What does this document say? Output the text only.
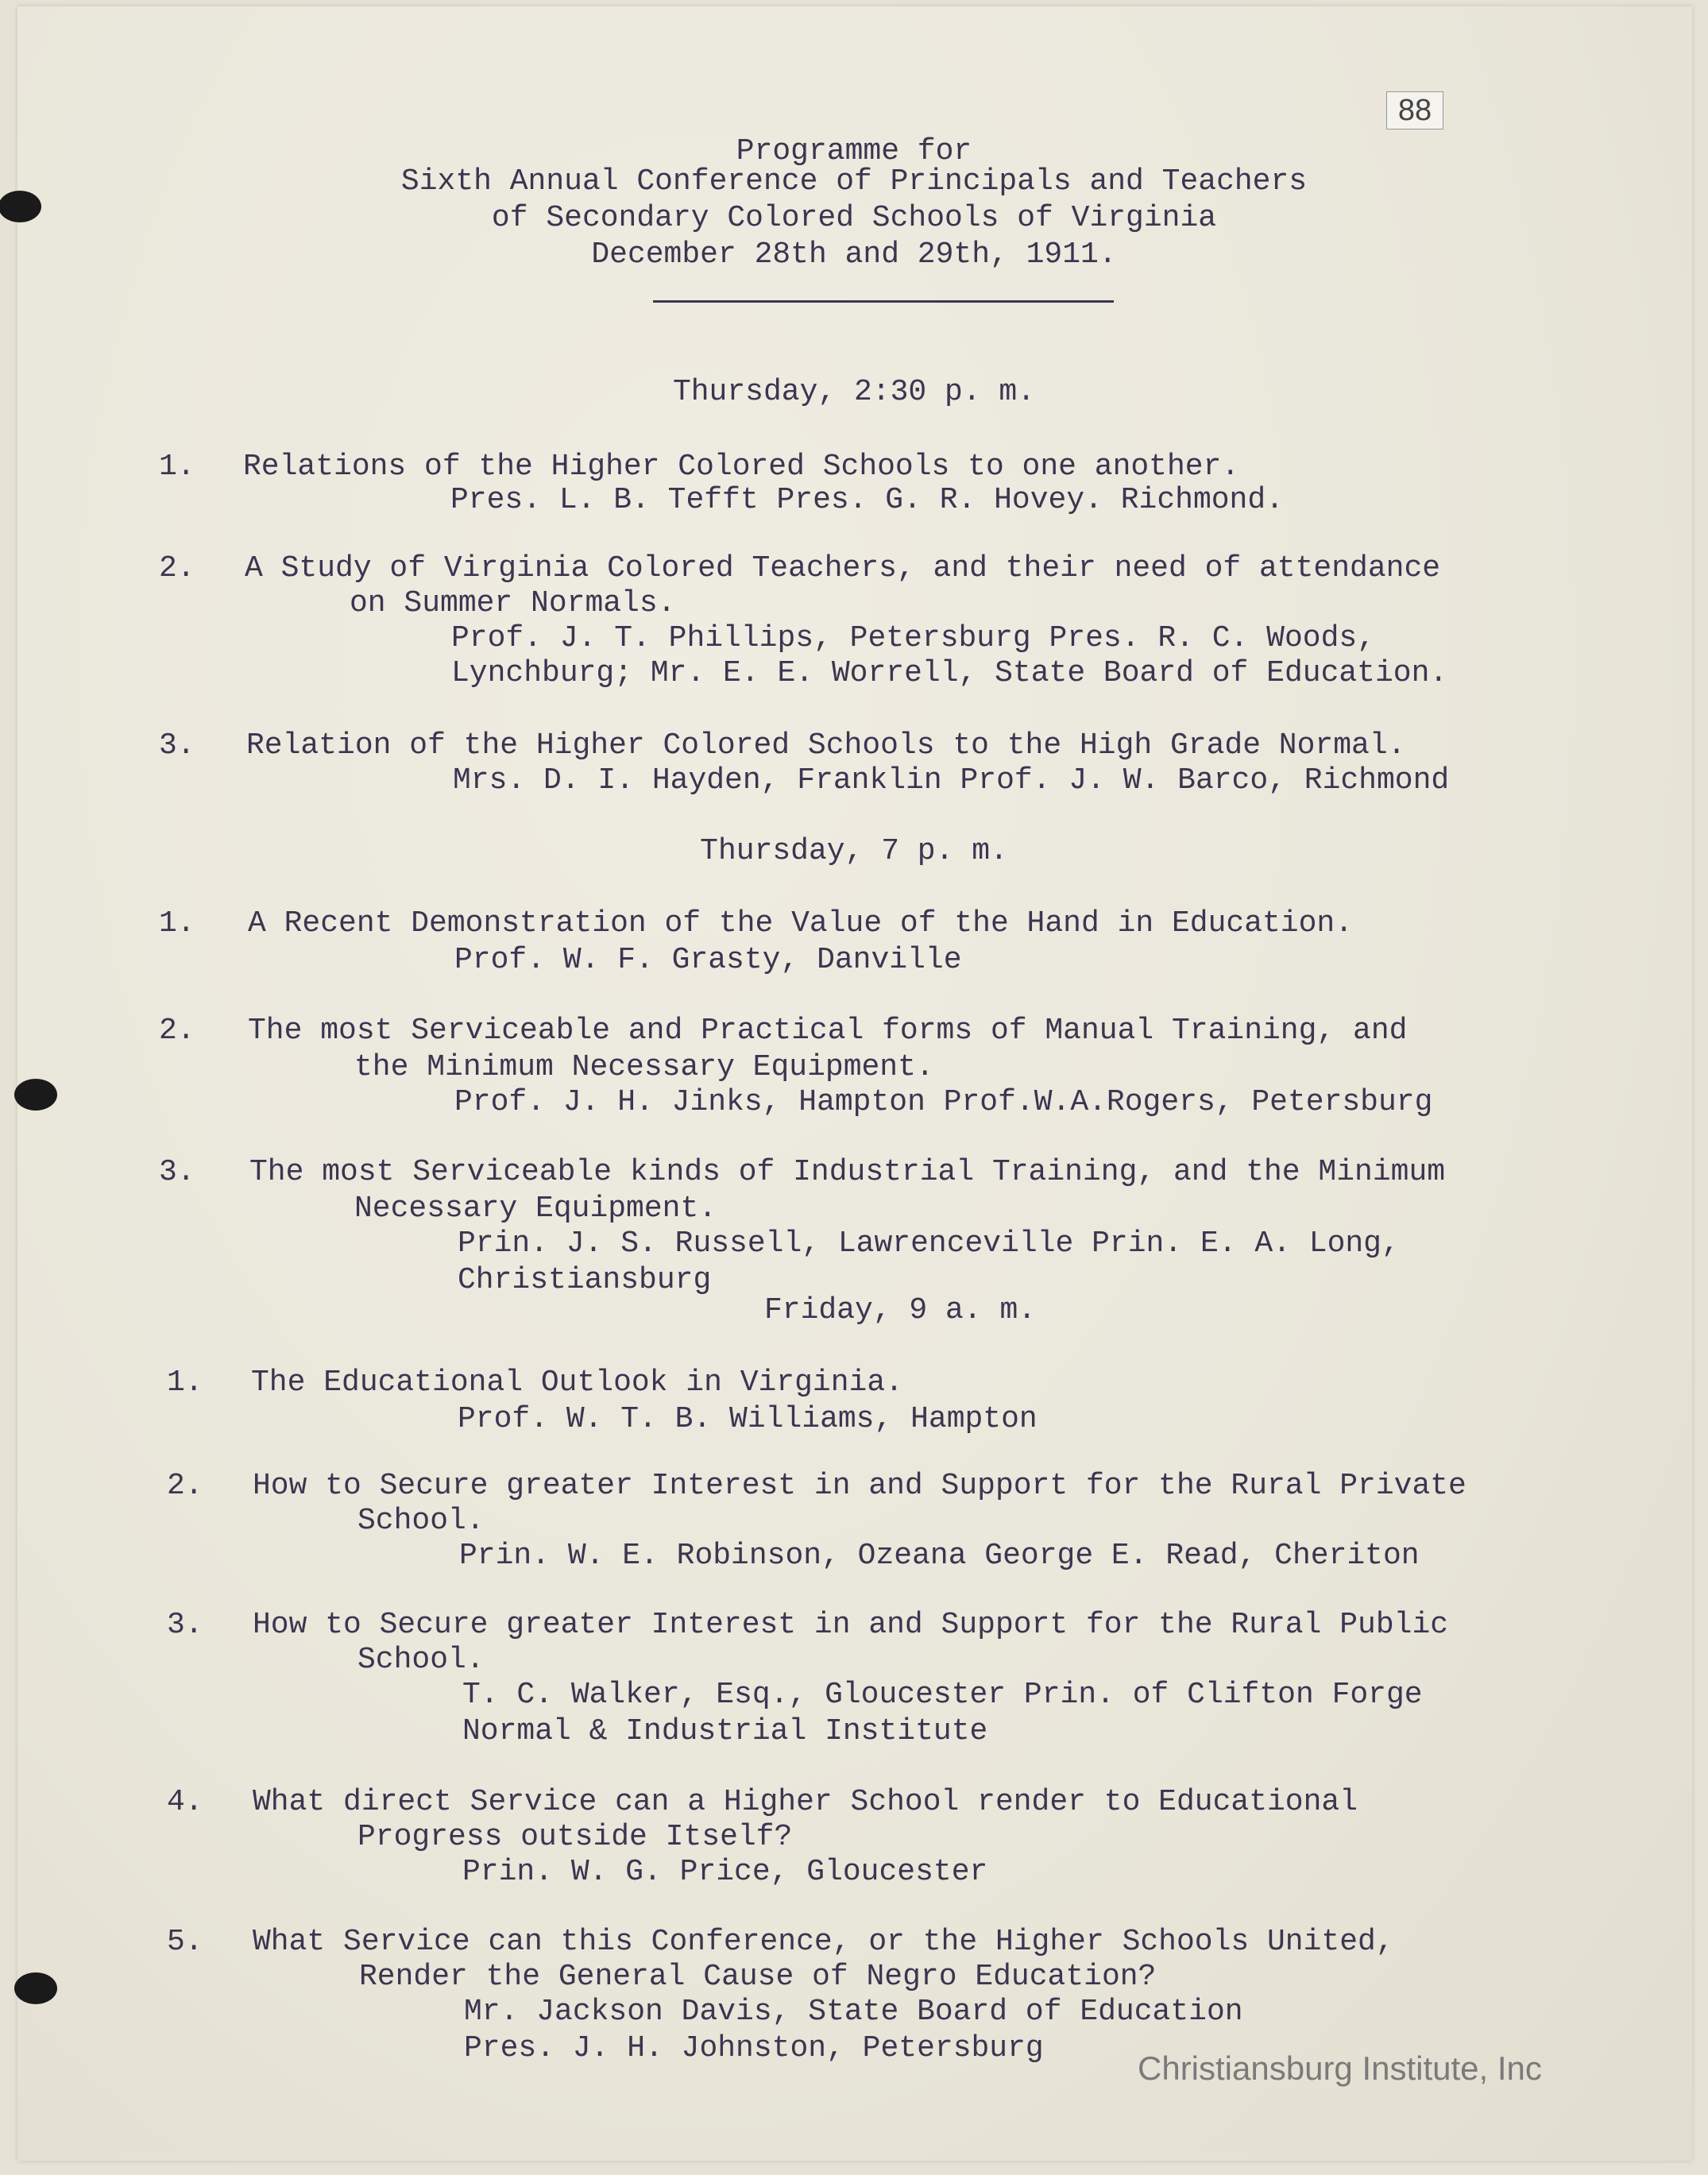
88
Programme for
Sixth Annual Conference of Principals and Teachers
of Secondary Colored Schools of Virginia
December 28th and 29th, 1911.
Thursday, 2:30 p. m.
1. Relations of the Higher Colored Schools to one another.
Pres. L. B. Tefft Pres. G. R. Hovey. Richmond.
2. A Study of Virginia Colored Teachers, and their need of attendance
on Summer Normals.
Prof. J. T. Phillips, Petersburg Pres. R. C. Woods,
Lynchburg; Mr. E. E. Worrell, State Board of Education.
3. Relation of the Higher Colored Schools to the High Grade Normal.
Mrs. D. I. Hayden, Franklin Prof. J. W. Barco, Richmond
Thursday, 7 p. m.
1. A Recent Demonstration of the Value of the Hand in Education.
Prof. W. F. Grasty, Danville
2. The most Serviceable and Practical forms of Manual Training, and
the Minimum Necessary Equipment.
Prof. J. H. Jinks, Hampton Prof.W.A.Rogers, Petersburg
3. The most Serviceable kinds of Industrial Training, and the Minimum
Necessary Equipment.
Prin. J. S. Russell, Lawrenceville Prin. E. A. Long,
Christiansburg
Friday, 9 a. m.
1. The Educational Outlook in Virginia.
Prof. W. T. B. Williams, Hampton
2. How to Secure greater Interest in and Support for the Rural Private
School.
Prin. W. E. Robinson, Ozeana George E. Read, Cheriton
3. How to Secure greater Interest in and Support for the Rural Public
School.
T. C. Walker, Esq., Gloucester Prin. of Clifton Forge
Normal & Industrial Institute
4. What direct Service can a Higher School render to Educational
Progress outside Itself?
Prin. W. G. Price, Gloucester
5. What Service can this Conference, or the Higher Schools United,
Render the General Cause of Negro Education?
Mr. Jackson Davis, State Board of Education
Pres. J. H. Johnston, Petersburg
Christiansburg Institute, Inc
